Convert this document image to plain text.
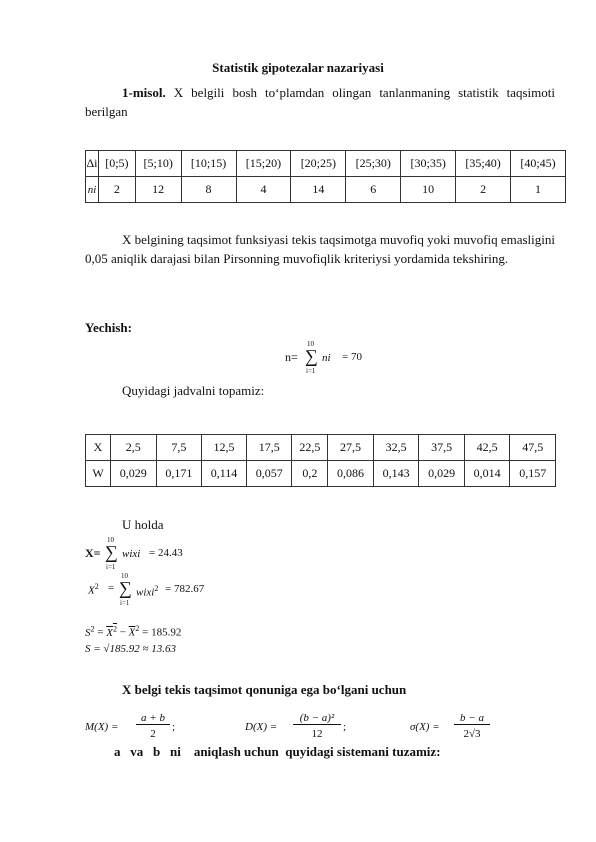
Statistik gipotezalar nazariyasi
1-misol. X belgili bosh to‘plamdan olingan tanlanmaning statistik taqsimoti berilgan
Δi	[0;5)	[5;10)	[10;15)	[15;20)	[20;25)	[25;30)	[30;35)	[35;40)	[40;45)
ni	2	12	8	4	14	6	10	2	1
X belgining taqsimot funksiyasi tekis taqsimotga muvofiq yoki muvofiq emasligini 0,05 aniqlik darajasi bilan Pirsonning muvofiqlik kriteriysi yordamida tekshiring.
Yechish:
n=
10
∑
i=1
ni = 70
Quyidagi jadvalni topamiz:
X	2,5	7,5	12,5	17,5	22,5	27,5	32,5	37,5	42,5	47,5
W	0,029	0,171	0,114	0,057	0,2	0,086	0,143	0,029	0,014	0,157
U holda
X=
10
∑
i=1
wixi = 24.43
$X^2$ =
10
∑
i=1
wixi$^2$ = 782.67
$S^2 = X^2 - \overline{X}^2 = 185.92$
S = √185.92 ≈ 13.63
X belgi tekis taqsimot qonuniga ega bo‘lgani uchun
M(X) =
a + b
2
;	D(X) =
(b − a)²
12
;	σ(X) =
b − a
2√3
a   va   b   ni    aniqlash uchun  quyidagi sistemani tuzamiz:
